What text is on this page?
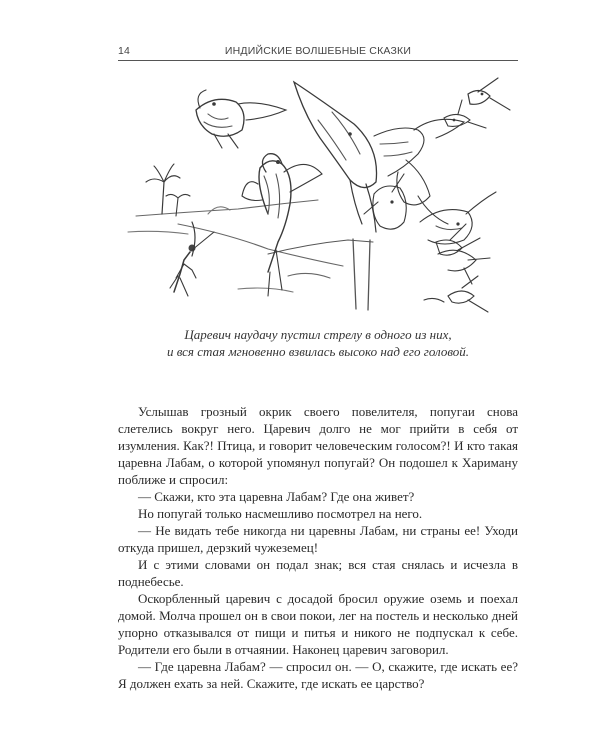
14	ИНДИЙСКИЕ ВОЛШЕБНЫЕ СКАЗКИ
Царевич наудачу пустил стрелу в одного из них,
и вся стая мгновенно взвилась высоко над его головой.

Услышав грозный окрик своего повелителя, попугаи снова слетелись вокруг него. Царевич долго не мог прийти в себя от изумления. Как?! Птица, и говорит человеческим голосом?! И кто такая царевна Лабам, о которой упомянул попугай? Он подошел к Хариману поближе и спросил:

— Скажи, кто эта царевна Лабам? Где она живет?

Но попугай только насмешливо посмотрел на него.

— Не видать тебе никогда ни царевны Лабам, ни страны ее! Уходи откуда пришел, дерзкий чужеземец!

И с этими словами он подал знак; вся стая снялась и исчезла в поднебесье.

Оскорбленный царевич с досадой бросил оружие оземь и поехал домой. Молча прошел он в свои покои, лег на постель и несколько дней упорно отказывался от пищи и питья и никого не подпускал к себе. Родители его были в отчаянии. Наконец царевич заговорил.

— Где царевна Лабам? — спросил он. — О, скажите, где искать ее? Я должен ехать за ней. Скажите, где искать ее царство?
